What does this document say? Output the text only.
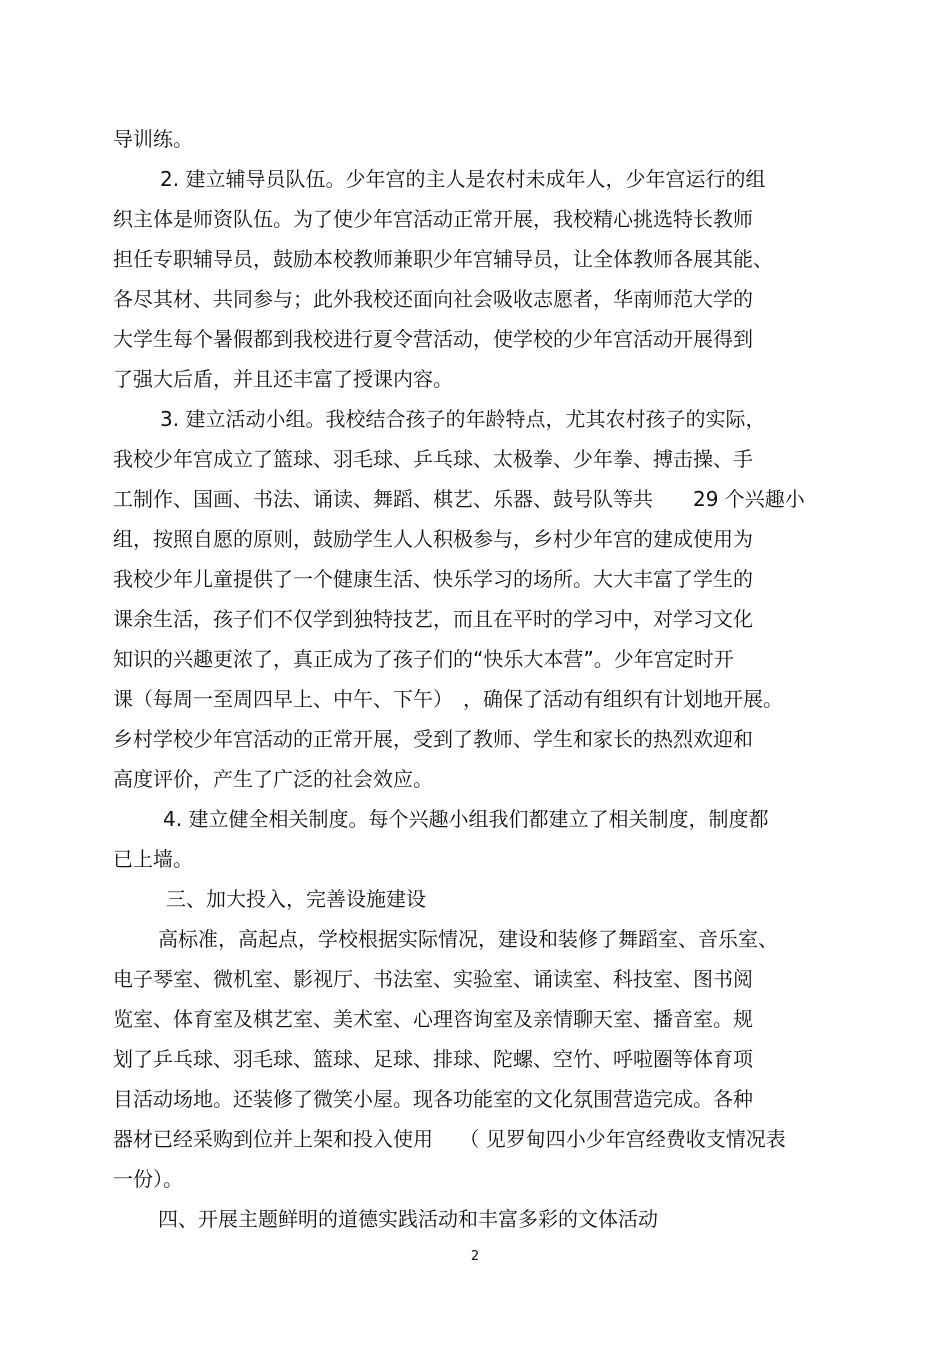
导训练。
2. 建立辅导员队伍。少年宫的主人是农村未成年人，少年宫运行的组
织主体是师资队伍。为了使少年宫活动正常开展，我校精心挑选特长教师
担任专职辅导员，鼓励本校教师兼职少年宫辅导员，让全体教师各展其能、
各尽其材、共同参与；此外我校还面向社会吸收志愿者，华南师范大学的
大学生每个暑假都到我校进行夏令营活动，使学校的少年宫活动开展得到
了强大后盾，并且还丰富了授课内容。
3. 建立活动小组。我校结合孩子的年龄特点，尤其农村孩子的实际，
我校少年宫成立了篮球、羽毛球、乒乓球、太极拳、少年拳、搏击操、手
工制作、国画、书法、诵读、舞蹈、棋艺、乐器、鼓号队等共　　29 个兴趣小
组，按照自愿的原则，鼓励学生人人积极参与，乡村少年宫的建成使用为
我校少年儿童提供了一个健康生活、快乐学习的场所。大大丰富了学生的
课余生活，孩子们不仅学到独特技艺，而且在平时的学习中，对学习文化
知识的兴趣更浓了，真正成为了孩子们的“快乐大本营”。少年宫定时开
课（每周一至周四早上、中午、下午）　，确保了活动有组织有计划地开展。
乡村学校少年宫活动的正常开展，受到了教师、学生和家长的热烈欢迎和
高度评价，产生了广泛的社会效应。
4. 建立健全相关制度。每个兴趣小组我们都建立了相关制度，制度都
已上墙。
三、加大投入，完善设施建设
高标准，高起点，学校根据实际情况，建设和装修了舞蹈室、音乐室、
电子琴室、微机室、影视厅、书法室、实验室、诵读室、科技室、图书阅
览室、体育室及棋艺室、美术室、心理咨询室及亲情聊天室、播音室。规
划了乒乓球、羽毛球、篮球、足球、排球、陀螺、空竹、呼啦圈等体育项
目活动场地。还装修了微笑小屋。现各功能室的文化氛围营造完成。各种
器材已经采购到位并上架和投入使用　 （ 见罗甸四小少年宫经费收支情况表
一份）。
四、开展主题鲜明的道德实践活动和丰富多彩的文体活动
2
